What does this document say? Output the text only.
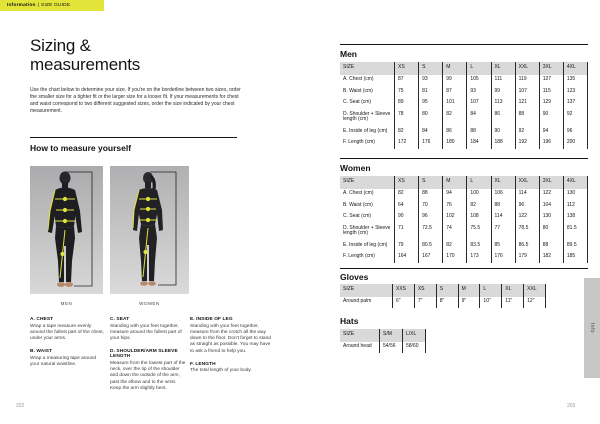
Information | SIZE GUIDE
Sizing &
measurements
Use the chart below to determine your size. If you're on the borderline between two sizes, order the smaller size for a tighter fit or the larger size for a looser fit. If your measurements for chest and waist correspond to two different suggested sizes, order the size indicated by your chest measurement.
How to measure yourself
MEN	WOMEN
A. CHEST

Wrap a tape measure evenly around the fullest part of the chest, under your arms.

B. WAIST

Wrap a measuring tape around your natural waistline.

C. SEAT

Standing with your feet together, measure around the fullest part of your hips.

D. SHOULDER/ARM SLEEVE LENGTH

Measure from the lowest part of the neck, over the tip of the shoulder and down the outside of the arm, past the elbow and to the wrist. Keep the arm slightly bent.

E. INSIDE OF LEG

Standing with your feet together, measure from the crotch all the way down to the floor. Don't forget to stand as straight as possible. You may have to ask a friend to help you.

F. LENGTH

The total length of your body.

202
Men
SIZE	XS	S	M	L	XL	XXL	3XL	4XL
A. Chest (cm)	87	93	99	105	111	119	127	135
B. Waist (cm)	75	81	87	93	99	107	115	123
C. Seat (cm)	89	95	101	107	113	121	129	137
D. Shoulder + Sleeve length (cm)
78	80	82	84	86	88	90	92
E. Inside of leg (cm)	82	84	86	88	90	92	94	96
F. Length (cm)	172	176	180	184	188	192	196	200
Women
SIZE	XS	S	M	L	XL	XXL	3XL	4XL
A. Chest (cm)	82	88	94	100	106	114	122	130
B. Waist (cm)	64	70	76	82	88	96	104	112
C. Seat (cm)	90	96	102	108	114	122	130	138
D. Shoulder + Sleeve length (cm)
71	72.5	74	75.5	77	78.5	80	81.5
E. Inside of leg (cm)	79	80.5	82	83.5	85	86.5	88	89.5
F. Length (cm)	164	167	170	173	176	179	182	185
Gloves
SIZE	XXS	XS	S	M	L	XL	XXL
Around palm	6"	7"	8"	9"	10"	11"	12"
Hats
SIZE	S/M	L/XL
Around head	54/56	58/60
Info
203
